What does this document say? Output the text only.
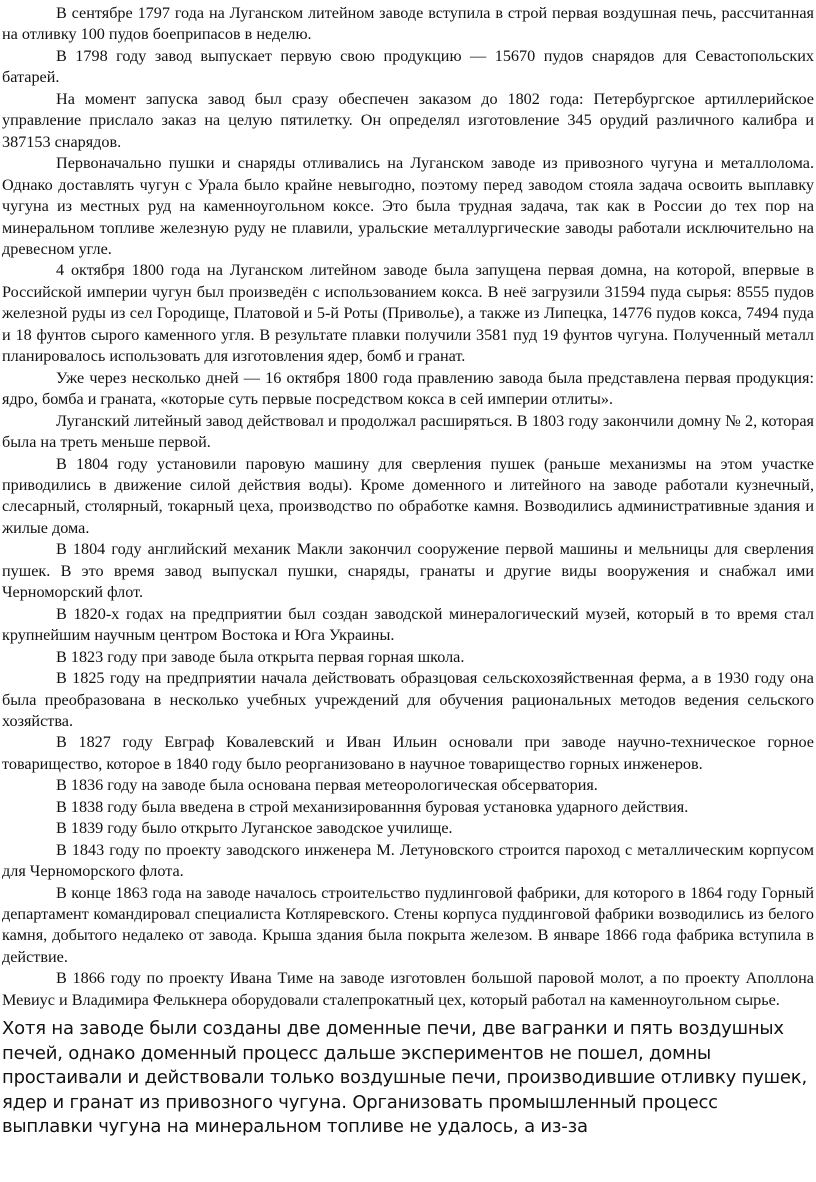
В сентябре 1797 года на Луганском литейном заводе вступила в строй первая воздушная печь, рассчитанная на отливку 100 пудов боеприпасов в неделю.

В 1798 году завод выпускает первую свою продукцию — 15670 пудов снарядов для Севастопольских батарей.

На момент запуска завод был сразу обеспечен заказом до 1802 года: Петербургское артиллерийское управление прислало заказ на целую пятилетку. Он определял изготовление 345 орудий различного калибра и 387153 снарядов.

Первоначально пушки и снаряды отливались на Луганском заводе из привозного чугуна и металлолома. Однако доставлять чугун с Урала было крайне невыгодно, поэтому перед заводом стояла задача освоить выплавку чугуна из местных руд на каменноугольном коксе. Это была трудная задача, так как в России до тех пор на минеральном топливе железную руду не плавили, уральские металлургические заводы работали исключительно на древесном угле.

4 октября 1800 года на Луганском литейном заводе была запущена первая домна, на которой, впервые в Российской империи чугун был произведён с использованием кокса. В неё загрузили 31594 пуда сырья: 8555 пудов железной руды из сел Городище, Платовой и 5-й Роты (Приволье), а также из Липецка, 14776 пудов кокса, 7494 пуда и 18 фунтов сырого каменного угля. В результате плавки получили 3581 пуд 19 фунтов чугуна. Полученный металл планировалось использовать для изготовления ядер, бомб и гранат.

Уже через несколько дней — 16 октября 1800 года правлению завода была представлена первая продукция: ядро, бомба и граната, «которые суть первые посредством кокса в сей империи отлиты».

Луганский литейный завод действовал и продолжал расширяться. В 1803 году закончили домну № 2, которая была на треть меньше первой.

В 1804 году установили паровую машину для сверления пушек (раньше механизмы на этом участке приводились в движение силой действия воды). Кроме доменного и литейного на заводе работали кузнечный, слесарный, столярный, токарный цеха, производство по обработке камня. Возводились административные здания и жилые дома.

В 1804 году английский механик Макли закончил сооружение первой машины и мельницы для сверления пушек. В это время завод выпускал пушки, снаряды, гранаты и другие виды вооружения и снабжал ими Черноморский флот.

В 1820-х годах на предприятии был создан заводской минералогический музей, который в то время стал крупнейшим научным центром Востока и Юга Украины.

В 1823 году при заводе была открыта первая горная школа.

В 1825 году на предприятии начала действовать образцовая сельскохозяйственная ферма, а в 1930 году она была преобразована в несколько учебных учреждений для обучения рациональных методов ведения сельского хозяйства.

В 1827 году Евграф Ковалевский и Иван Ильин основали при заводе научно-техническое горное товарищество, которое в 1840 году было реорганизовано в научное товарищество горных инженеров.

В 1836 году на заводе была основана первая метеорологическая обсерватория.

В 1838 году была введена в строй механизированння буровая установка ударного действия.

В 1839 году было открыто Луганское заводское училище.

В 1843 году по проекту заводского инженера М. Летуновского строится пароход с металлическим корпусом для Черноморского флота.

В конце 1863 года на заводе началось строительство пудлинговой фабрики, для которого в 1864 году Горный департамент командировал специалиста Котляревского. Стены корпуса пуддинговой фабрики возводились из белого камня, добытого недалеко от завода. Крыша здания была покрыта железом. В январе 1866 года фабрика вступила в действие.

В 1866 году по проекту Ивана Тиме на заводе изготовлен большой паровой молот, а по проекту Аполлона Мевиус и Владимира Фелькнера оборудовали сталепрокатный цех, который работал на каменноугольном сырье.

Хотя на заводе были созданы две доменные печи, две вагранки и пять воздушных печей, однако доменный процесс дальше экспериментов не пошел, домны простаивали и действовали только воздушные печи, производившие отливку пушек, ядер и гранат из привозного чугуна. Организовать промышленный процесс выплавки чугуна на минеральном топливе не удалось, а из-за
